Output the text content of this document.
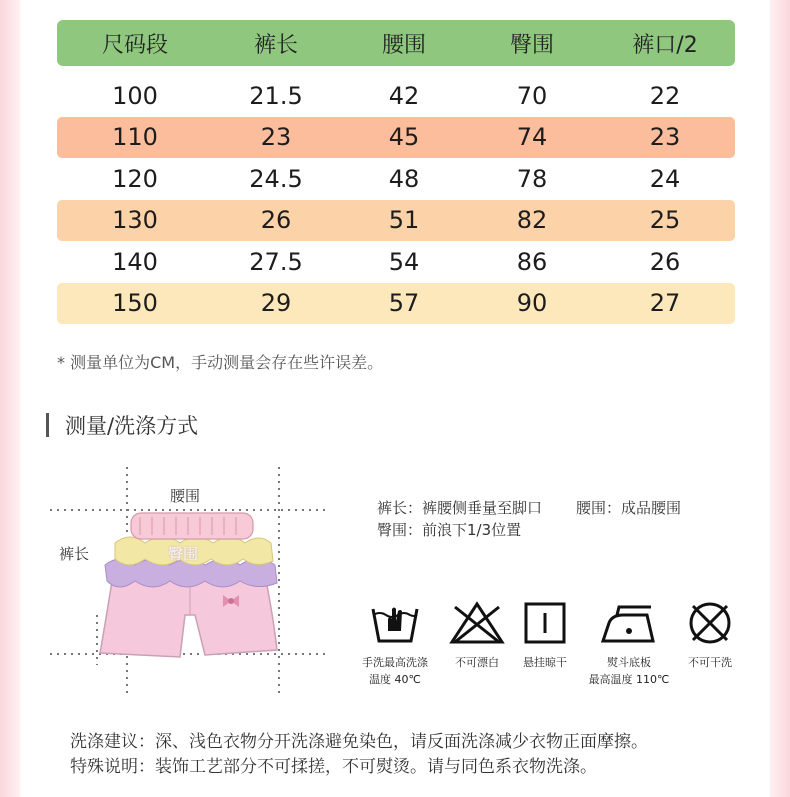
尺码段	裤长	腰围	臀围	裤口/2
100	21.5	42	70	22
110	23	45	74	23
120	24.5	48	78	24
130	26	51	82	25
140	27.5	54	86	26
150	29	57	90	27
* 测量单位为CM，手动测量会存在些许误差。
测量/洗涤方式
腰围
裤长	臀围
裤长：裤腰侧垂量至脚口 腰围：成品腰围
臀围：前浪下1/3位置
手洗最高洗涤
温度 40℃
不可漂白	悬挂晾干	熨斗底板
最高温度 110℃
不可干洗
洗涤建议：深、浅色衣物分开洗涤避免染色，请反面洗涤减少衣物正面摩擦。
特殊说明：装饰工艺部分不可揉搓，不可熨烫。请与同色系衣物洗涤。
